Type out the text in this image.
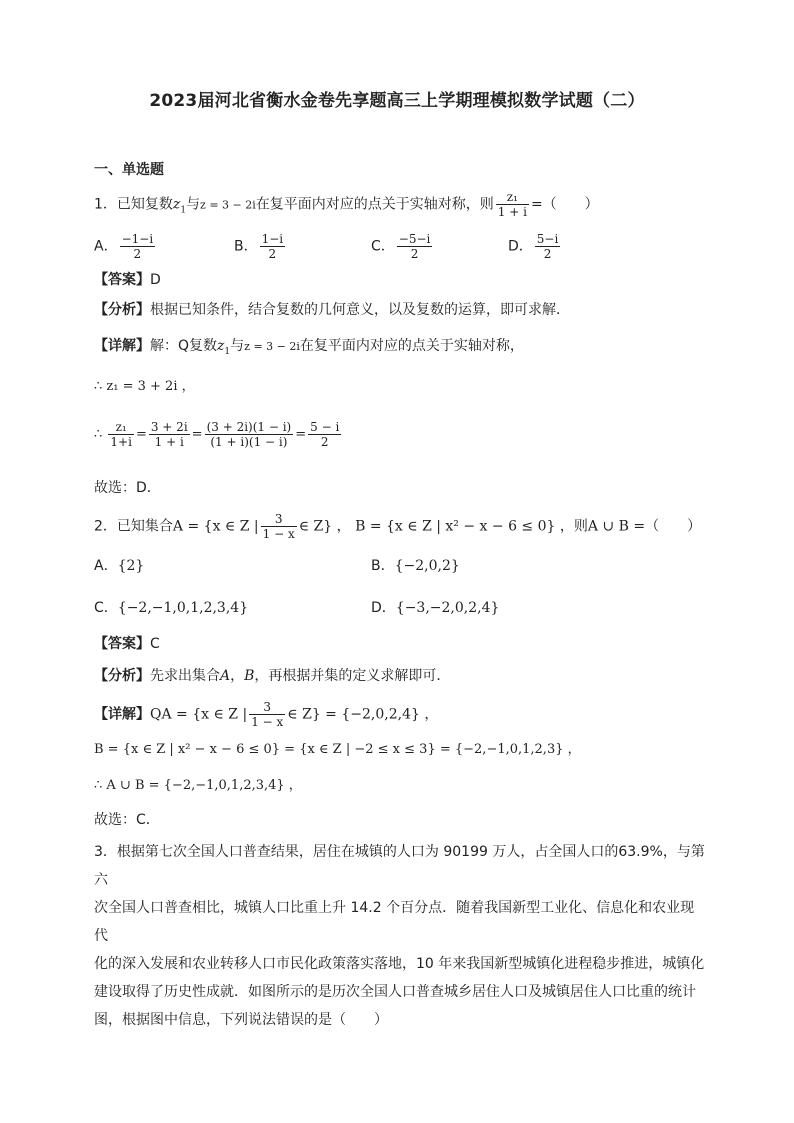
2023届河北省衡水金卷先享题高三上学期理模拟数学试题（二）
一、单选题
1．已知复数$z_1$与z = 3 − 2i在复平面内对应的点关于实轴对称，则 $\frac{\text{z₁}}{1 + i}$ =（　　）
A． $\frac{-1-i}{2}$	B． $\frac{1-i}{2}$	C． $\frac{-5-i}{2}$	D． $\frac{5-i}{2}$
【答案】D
【分析】根据已知条件，结合复数的几何意义，以及复数的运算，即可求解．
【详解】解：Q复数$z_1$与z = 3 − 2i在复平面内对应的点关于实轴对称，
∴ z₁ = 3 + 2i ，
∴ $\frac{\text{z₁}}{1+i} = \frac{3 + 2i}{1 + i} = \frac{(3 + 2i)(1 - i)}{(1 + i)(1 - i)} = \frac{5 - i}{2}$
故选：D．
2．已知集合A = {x ∈ Z | $\frac{3}{1 - x}$ ∈ Z} ， B = {x ∈ Z | x² − x − 6 ≤ 0} ，则A ∪ B =（　　）
A．{2}	B．{−2,0,2}
C．{−2,−1,0,1,2,3,4}	D．{−3,−2,0,2,4}
【答案】C
【分析】先求出集合A，B，再根据并集的定义求解即可．
【详解】QA = {x ∈ Z | $\frac{3}{1 - x}$ ∈ Z} = {−2,0,2,4} ，
B = {x ∈ Z | x² − x − 6 ≤ 0} = {x ∈ Z | −2 ≤ x ≤ 3} = {−2,−1,0,1,2,3} ，
∴ A ∪ B = {−2,−1,0,1,2,3,4} ，
故选：C．
3．根据第七次全国人口普查结果，居住在城镇的人口为 90199 万人，占全国人口的63.9%，与第六
次全国人口普查相比，城镇人口比重上升 14.2 个百分点．随着我国新型工业化、信息化和农业现代
化的深入发展和农业转移人口市民化政策落实落地，10 年来我国新型城镇化进程稳步推进，城镇化
建设取得了历史性成就．如图所示的是历次全国人口普查城乡居住人口及城镇居住人口比重的统计
图，根据图中信息，下列说法错误的是（　　）
